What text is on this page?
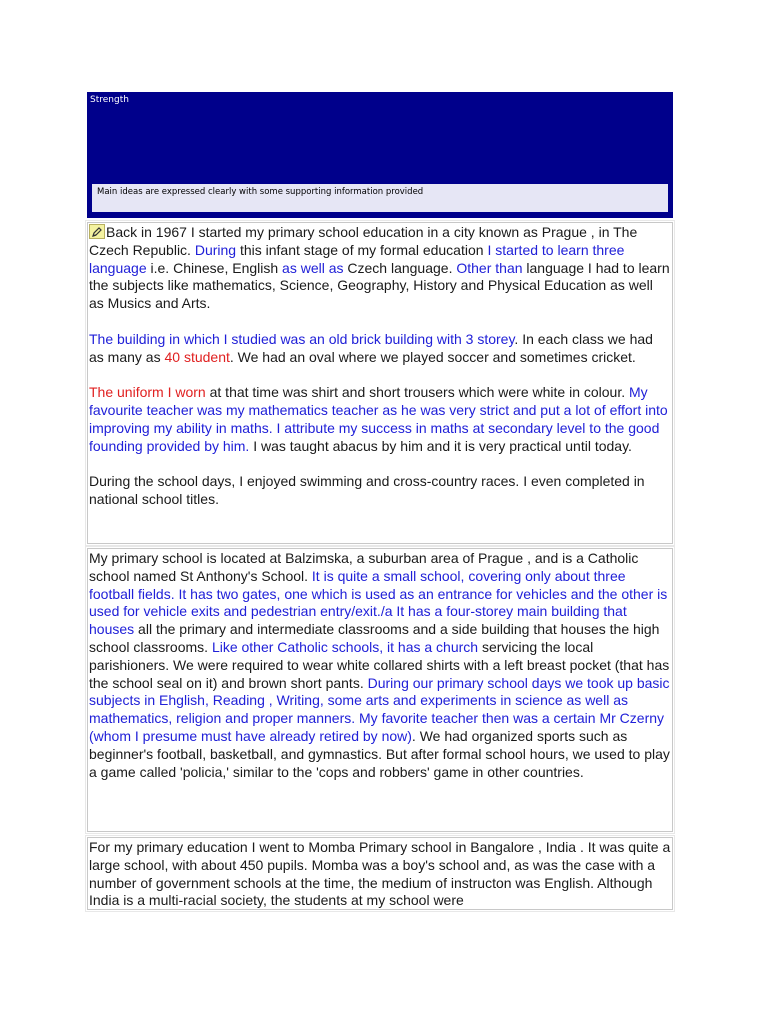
Strength
Main ideas are expressed clearly with some supporting information provided

Back in 1967 I started my primary school education in a city known as Prague , in The Czech Republic. During this infant stage of my formal education I started to learn three language i.e. Chinese, English as well as Czech language. Other than language I had to learn the subjects like mathematics, Science, Geography, History and Physical Education as well as Musics and Arts.

The building in which I studied was an old brick building with 3 storey. In each class we had as many as 40 student. We had an oval where we played soccer and sometimes cricket.

The uniform I worn at that time was shirt and short trousers which were white in colour. My favourite teacher was my mathematics teacher as he was very strict and put a lot of effort into improving my ability in maths. I attribute my success in maths at secondary level to the good founding provided by him. I was taught abacus by him and it is very practical until today.

During the school days, I enjoyed swimming and cross-country races. I even completed in national school titles.

My primary school is located at Balzimska, a suburban area of Prague , and is a Catholic school named St Anthony's School. It is quite a small school, covering only about three football fields. It has two gates, one which is used as an entrance for vehicles and the other is used for vehicle exits and pedestrian entry/exit./a It has a four-storey main building that houses all the primary and intermediate classrooms and a side building that houses the high school classrooms. Like other Catholic schools, it has a church servicing the local parishioners. We were required to wear white collared shirts with a left breast pocket (that has the school seal on it) and brown short pants. During our primary school days we took up basic subjects in Ehglish, Reading , Writing, some arts and experiments in science as well as mathematics, religion and proper manners. My favorite teacher then was a certain Mr Czerny (whom I presume must have already retired by now). We had organized sports such as beginner's football, basketball, and gymnastics. But after formal school hours, we used to play a game called 'policia,' similar to the 'cops and robbers' game in other countries.

For my primary education I went to Momba Primary school in Bangalore , India . It was quite a large school, with about 450 pupils. Momba was a boy's school and, as was the case with a number of government schools at the time, the medium of instructon was English. Although India is a multi-racial society, the students at my school were
